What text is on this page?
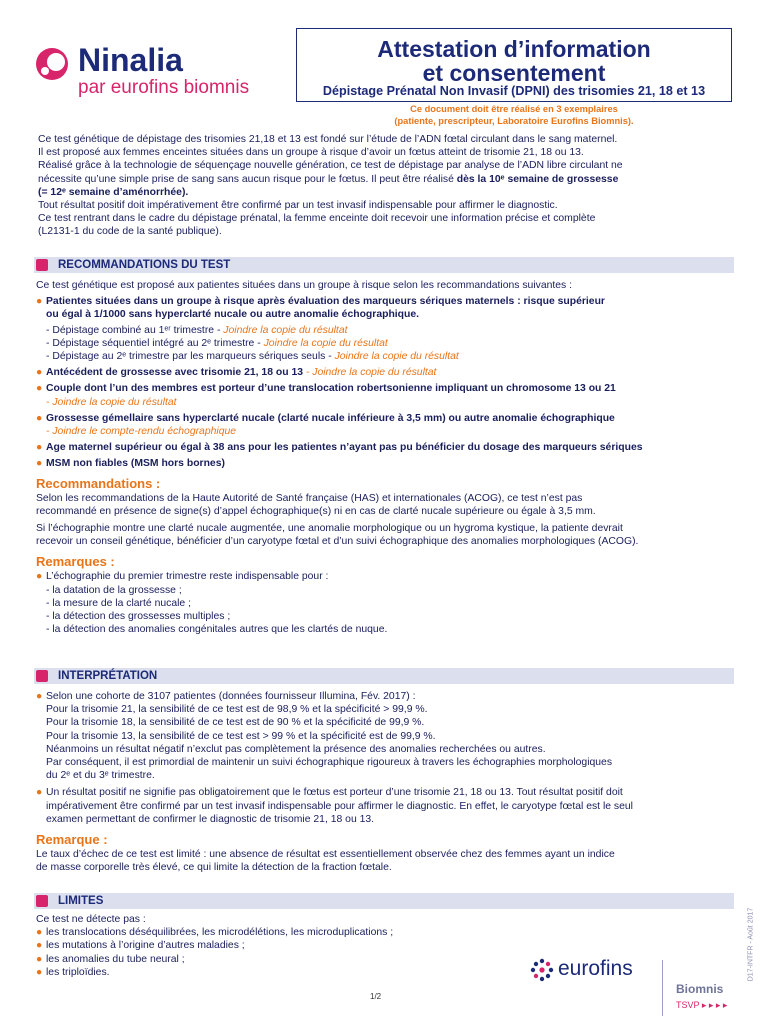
Ninalia
par eurofins biomnis
Attestation d’information
et consentement
Dépistage Prénatal Non Invasif (DPNI) des trisomies 21, 18 et 13
Ce document doit être réalisé en 3 exemplaires
(patiente, prescripteur, Laboratoire Eurofins Biomnis).
Ce test génétique de dépistage des trisomies 21,18 et 13 est fondé sur l’étude de l’ADN fœtal circulant dans le sang maternel.
Il est proposé aux femmes enceintes situées dans un groupe à risque d’avoir un fœtus atteint de trisomie 21, 18 ou 13.
Réalisé grâce à la technologie de séquençage nouvelle génération, ce test de dépistage par analyse de l’ADN libre circulant ne
nécessite qu’une simple prise de sang sans aucun risque pour le fœtus. Il peut être réalisé dès la 10ᵉ semaine de grossesse
(= 12ᵉ semaine d’aménorrhée).
Tout résultat positif doit impérativement être confirmé par un test invasif indispensable pour affirmer le diagnostic.
Ce test rentrant dans le cadre du dépistage prénatal, la femme enceinte doit recevoir une information précise et complète
(L2131-1 du code de la santé publique).
RECOMMANDATIONS DU TEST
Ce test génétique est proposé aux patientes situées dans un groupe à risque selon les recommandations suivantes :
● Patientes situées dans un groupe à risque après évaluation des marqueurs sériques maternels : risque supérieur
ou égal à 1/1000 sans hyperclarté nucale ou autre anomalie échographique.
- Dépistage combiné au 1ᵉʳ trimestre - Joindre la copie du résultat
- Dépistage séquentiel intégré au 2ᵉ trimestre - Joindre la copie du résultat
- Dépistage au 2ᵉ trimestre par les marqueurs sériques seuls - Joindre la copie du résultat
● Antécédent de grossesse avec trisomie 21, 18 ou 13 - Joindre la copie du résultat
● Couple dont l’un des membres est porteur d’une translocation robertsonienne impliquant un chromosome 13 ou 21
- Joindre la copie du résultat
● Grossesse gémellaire sans hyperclarté nucale (clarté nucale inférieure à 3,5 mm) ou autre anomalie échographique
- Joindre le compte-rendu échographique
● Age maternel supérieur ou égal à 38 ans pour les patientes n’ayant pas pu bénéficier du dosage des marqueurs sériques
● MSM non fiables (MSM hors bornes)
Recommandations :
Selon les recommandations de la Haute Autorité de Santé française (HAS) et internationales (ACOG), ce test n’est pas
recommandé en présence de signe(s) d’appel échographique(s) ni en cas de clarté nucale supérieure ou égale à 3,5 mm.
Si l’échographie montre une clarté nucale augmentée, une anomalie morphologique ou un hygroma kystique, la patiente devrait
recevoir un conseil génétique, bénéficier d’un caryotype fœtal et d’un suivi échographique des anomalies morphologiques (ACOG).
Remarques :
● L’échographie du premier trimestre reste indispensable pour :
- la datation de la grossesse ;
- la mesure de la clarté nucale ;
- la détection des grossesses multiples ;
- la détection des anomalies congénitales autres que les clartés de nuque.
INTERPRÉTATION
● Selon une cohorte de 3107 patientes (données fournisseur Illumina, Fév. 2017) :
Pour la trisomie 21, la sensibilité de ce test est de 98,9 % et la spécificité > 99,9 %.
Pour la trisomie 18, la sensibilité de ce test est de 90 % et la spécificité de 99,9 %.
Pour la trisomie 13, la sensibilité de ce test est > 99 % et la spécificité est de 99,9 %.
Néanmoins un résultat négatif n’exclut pas complètement la présence des anomalies recherchées ou autres.
Par conséquent, il est primordial de maintenir un suivi échographique rigoureux à travers les échographies morphologiques
du 2ᵉ et du 3ᵉ trimestre.
● Un résultat positif ne signifie pas obligatoirement que le fœtus est porteur d’une trisomie 21, 18 ou 13. Tout résultat positif doit
impérativement être confirmé par un test invasif indispensable pour affirmer le diagnostic. En effet, le caryotype fœtal est le seul
examen permettant de confirmer le diagnostic de trisomie 21, 18 ou 13.
Remarque :
Le taux d’échec de ce test est limité : une absence de résultat est essentiellement observée chez des femmes ayant un indice
de masse corporelle très élevé, ce qui limite la détection de la fraction fœtale.
LIMITES
Ce test ne détecte pas :
● les translocations déséquilibrées, les microdélétions, les microduplications ;
● les mutations à l’origine d’autres maladies ;
● les anomalies du tube neural ;
● les triploïdies.	eurofins
Biomnis
TSVP ▸ ▸ ▸ ▸
D17-INTFR - Août 2017
1/2
